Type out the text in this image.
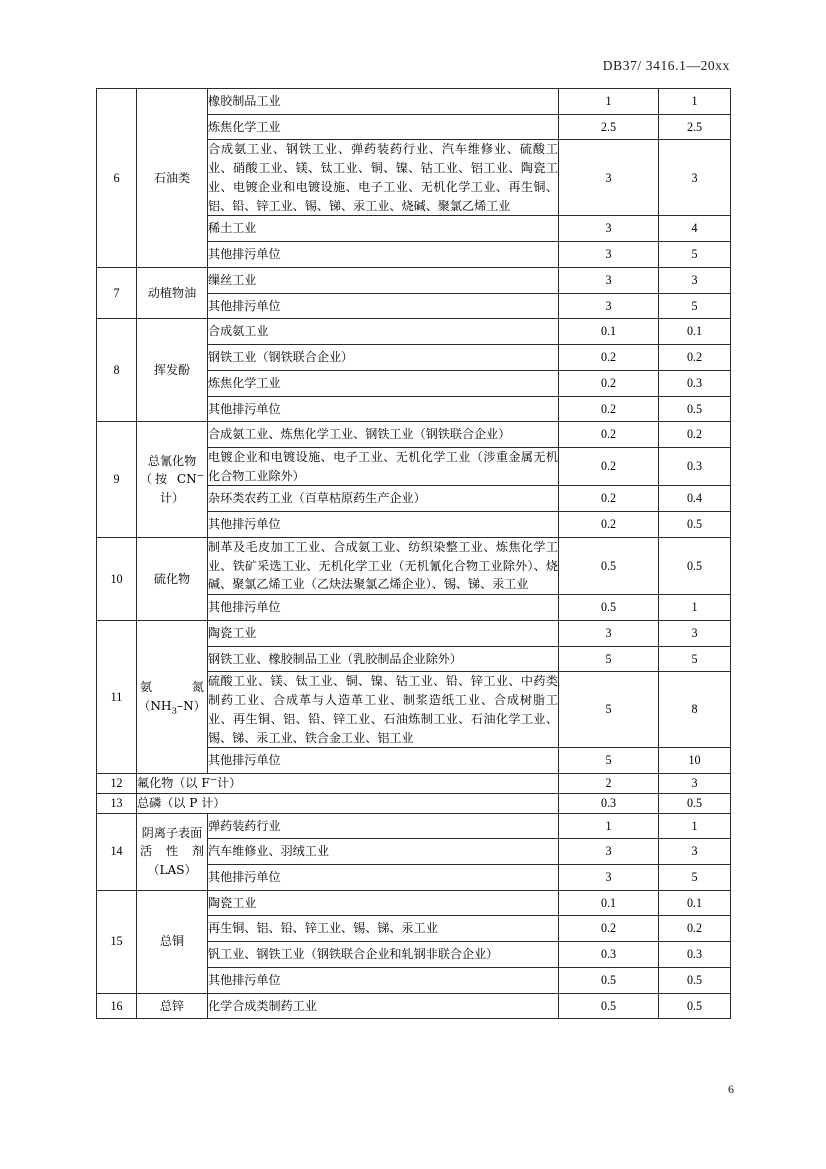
DB37/ 3416.1—20xx
6	石油类	橡胶制品工业	1	1
		炼焦化学工业	2.5	2.5
		合成氨工业、钢铁工业、弹药装药行业、汽车维修业、硫酸工业、硝酸工业、镁、钛工业、铜、镍、钴工业、铝工业、陶瓷工业、电镀企业和电镀设施、电子工业、无机化学工业、再生铜、铝、铅、锌工业、锡、锑、汞工业、烧碱、聚氯乙烯工业	3	3
		稀土工业	3	4
		其他排污单位	3	5
7	动植物油	缫丝工业	3	3
		其他排污单位	3	5
8	挥发酚	合成氨工业	0.1	0.1
		钢铁工业（钢铁联合企业）	0.2	0.2
		炼焦化学工业	0.2	0.3
		其他排污单位	0.2	0.5
9	总氰化物
（按 CN−
计）	合成氨工业、炼焦化学工业、钢铁工业（钢铁联合企业）	0.2	0.2
		电镀企业和电镀设施、电子工业、无机化学工业（涉重金属无机化合物工业除外）	0.2	0.3
		杂环类农药工业（百草枯原药生产企业）	0.2	0.4
		其他排污单位	0.2	0.5
10	硫化物	制革及毛皮加工工业、合成氨工业、纺织染整工业、炼焦化学工业、铁矿采选工业、无机化学工业（无机氰化合物工业除外）、烧碱、聚氯乙烯工业（乙炔法聚氯乙烯企业）、锡、锑、汞工业	0.5	0.5
		其他排污单位	0.5	1
11	氨　氮
$(NH_3-N)$	陶瓷工业	3	3
		钢铁工业、橡胶制品工业（乳胶制品企业除外）	5	5
		硫酸工业、镁、钛工业、铜、镍、钴工业、铅、锌工业、中药类制药工业、合成革与人造革工业、制浆造纸工业、合成树脂工业、再生铜、铝、铅、锌工业、石油炼制工业、石油化学工业、锡、锑、汞工业、铁合金工业、铝工业	5	8
		其他排污单位	5	10
12	氟化物（以 F−计）		2	3
13	总磷（以 P 计）		0.3	0.5
14	阴离子表面
活性剂
（LAS）	弹药装药行业	1	1
		汽车维修业、羽绒工业	3	3
		其他排污单位	3	5
15	总铜	陶瓷工业	0.1	0.1
		再生铜、铝、铅、锌工业、锡、锑、汞工业	0.2	0.2
		钒工业、钢铁工业（钢铁联合企业和轧钢非联合企业）	0.3	0.3
		其他排污单位	0.5	0.5
16	总锌	化学合成类制药工业	0.5	0.5
6
